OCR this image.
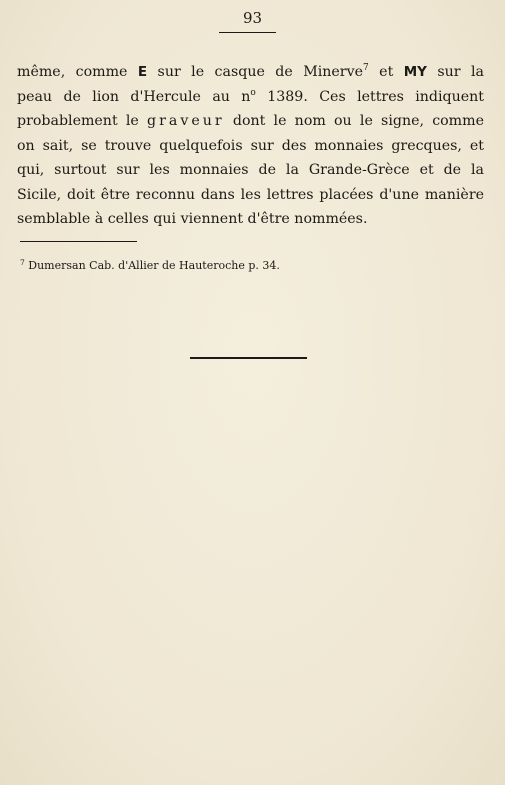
93

même, comme E sur le casque de Minerve$^7$ et MY sur la
peau de lion d'Hercule au $n^o$ 1389. Ces lettres indiquent
probablement le graveur dont le nom ou le signe, comme
on sait, se trouve quelquefois sur des monnaies grecques, et
qui, surtout sur les monnaies de la Grande-Grèce et de la
Sicile, doit être reconnu dans les lettres placées d'une manière
semblable à celles qui viennent d'être nommées.

$^7$ Dumersan Cab. d'Allier de Hauteroche p. 34.
